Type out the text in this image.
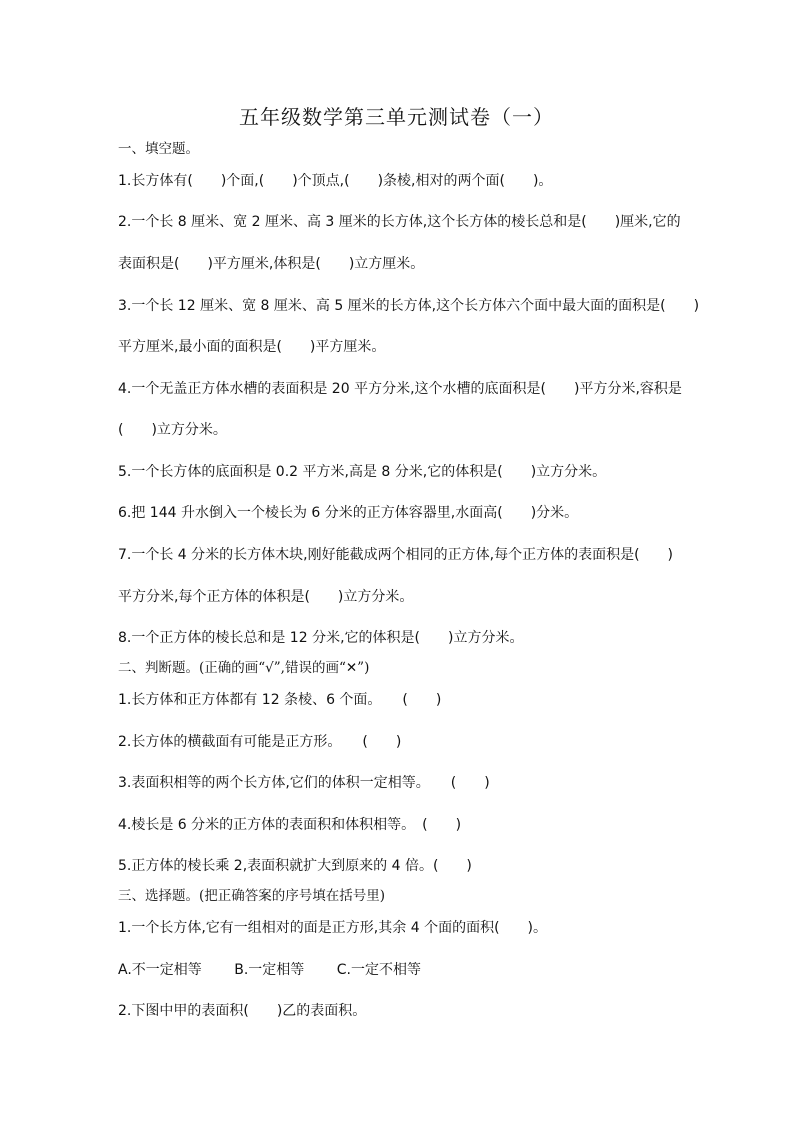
五年级数学第三单元测试卷（一）
一、填空题。
1.长方体有(　　)个面,(　　)个顶点,(　　)条棱,相对的两个面(　　)。
2.一个长 8 厘米、宽 2 厘米、高 3 厘米的长方体,这个长方体的棱长总和是(　　)厘米,它的
表面积是(　　)平方厘米,体积是(　　)立方厘米。
3.一个长 12 厘米、宽 8 厘米、高 5 厘米的长方体,这个长方体六个面中最大面的面积是(　　)
平方厘米,最小面的面积是(　　)平方厘米。
4.一个无盖正方体水槽的表面积是 20 平方分米,这个水槽的底面积是(　　)平方分米,容积是
(　　)立方分米。
5.一个长方体的底面积是 0.2 平方米,高是 8 分米,它的体积是(　　)立方分米。
6.把 144 升水倒入一个棱长为 6 分米的正方体容器里,水面高(　　)分米。
7.一个长 4 分米的长方体木块,刚好能截成两个相同的正方体,每个正方体的表面积是(　　)
平方分米,每个正方体的体积是(　　)立方分米。
8.一个正方体的棱长总和是 12 分米,它的体积是(　　)立方分米。
二、判断题。(正确的画“√”,错误的画“✕”)
1.长方体和正方体都有 12 条棱、6 个面。　　(　　)
2.长方体的横截面有可能是正方形。　　(　　)
3.表面积相等的两个长方体,它们的体积一定相等。　　(　　)
4.棱长是 6 分米的正方体的表面积和体积相等。　(　　)
5.正方体的棱长乘 2,表面积就扩大到原来的 4 倍。(　　)
三、选择题。(把正确答案的序号填在括号里)
1.一个长方体,它有一组相对的面是正方形,其余 4 个面的面积(　　)。
A.不一定相等　　 B.一定相等　　 C.一定不相等
2.下图中甲的表面积(　　)乙的表面积。
